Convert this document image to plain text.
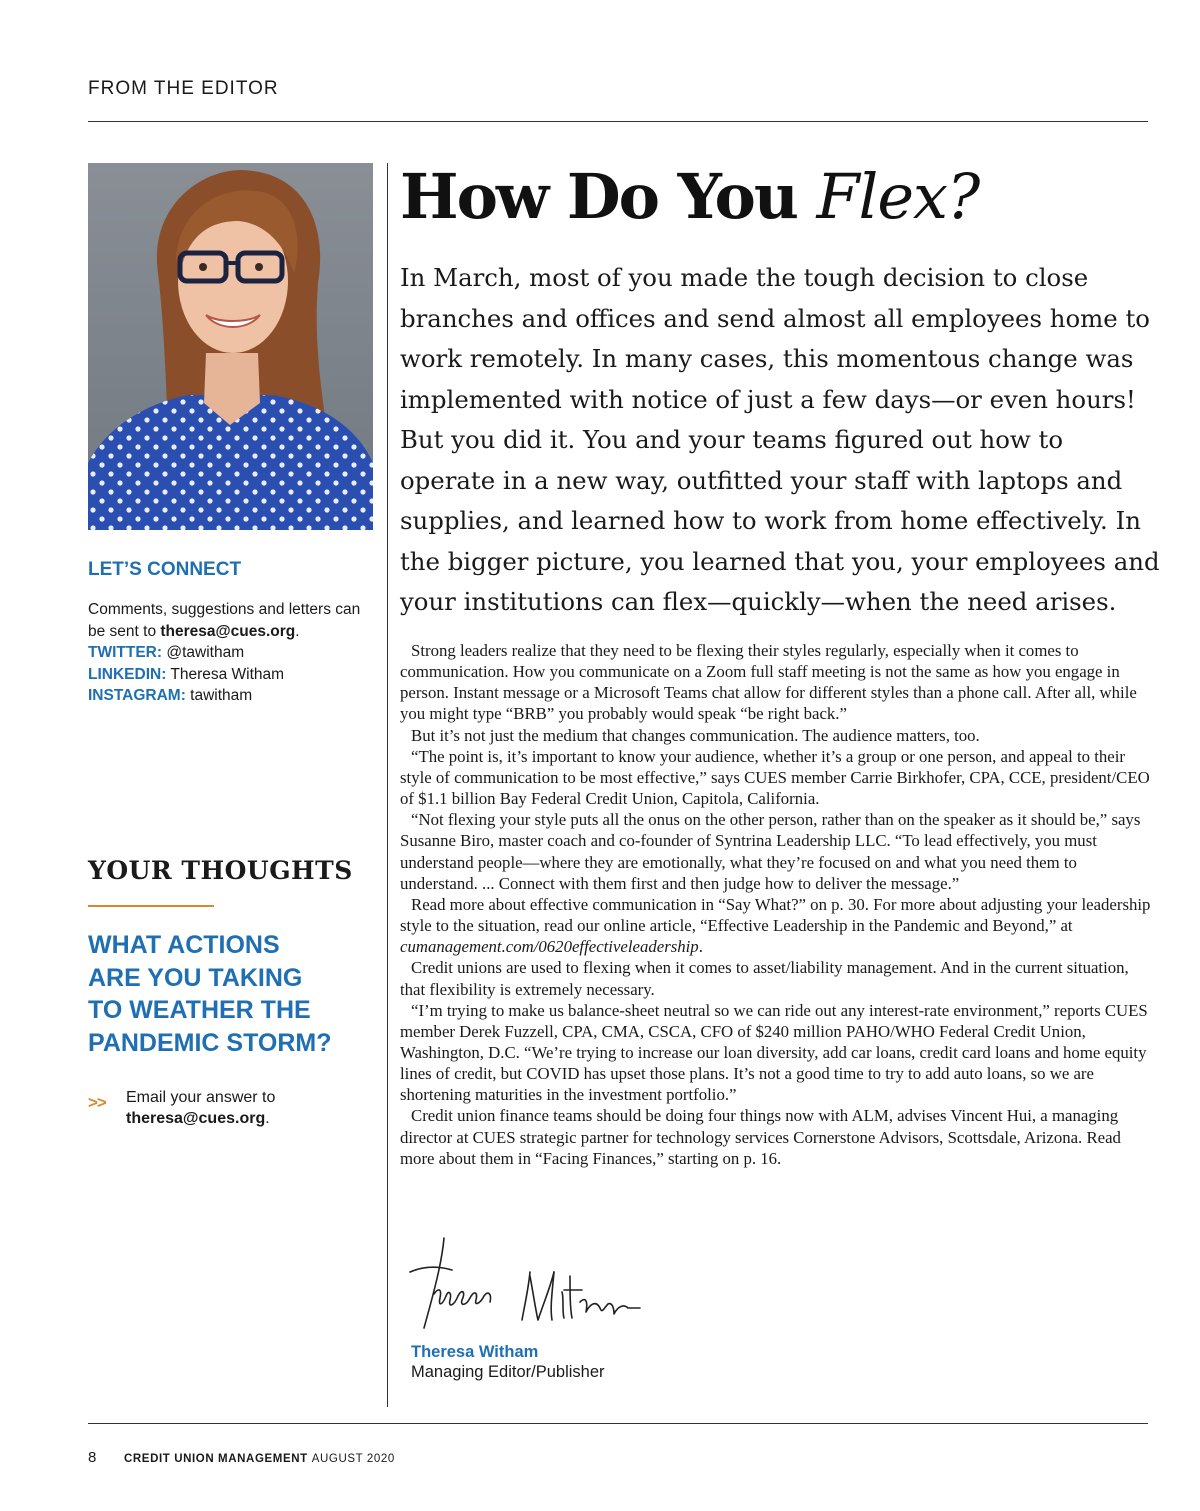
FROM THE EDITOR
LET’S CONNECT
Comments, suggestions and letters can be sent to theresa@cues.org.
TWITTER: @tawitham
LINKEDIN: Theresa Witham
INSTAGRAM: tawitham
YOUR THOUGHTS
WHAT ACTIONS
ARE YOU TAKING
TO WEATHER THE
PANDEMIC STORM?
>>	Email your answer to
theresa@cues.org.
How Do You Flex?
In March, most of you made the tough decision to close branches and offices and send almost all employees home to work remotely. In many cases, this momentous change was implemented with notice of just a few days—or even hours! But you did it. You and your teams figured out how to operate in a new way, outfitted your staff with laptops and supplies, and learned how to work from home effectively. In the bigger picture, you learned that you, your employees and your institutions can flex—quickly—when the need arises.

Strong leaders realize that they need to be flexing their styles regularly, especially when it comes to communication. How you communicate on a Zoom full staff meeting is not the same as how you engage in person. Instant message or a Microsoft Teams chat allow for different styles than a phone call. After all, while you might type “BRB” you probably would speak “be right back.”

But it’s not just the medium that changes communication. The audience matters, too.

“The point is, it’s important to know your audience, whether it’s a group or one person, and appeal to their style of communication to be most effective,” says CUES member Carrie Birkhofer, CPA, CCE, president/CEO of $1.1 billion Bay Federal Credit Union, Capitola, California.

“Not flexing your style puts all the onus on the other person, rather than on the speaker as it should be,” says Susanne Biro, master coach and co-founder of Syntrina Leadership LLC. “To lead effectively, you must understand people—where they are emotionally, what they’re focused on and what you need them to understand. ... Connect with them first and then judge how to deliver the message.”

Read more about effective communication in “Say What?” on p. 30. For more about adjusting your leadership style to the situation, read our online article, “Effective Leadership in the Pandemic and Beyond,” at cumanagement.com/0620effectiveleadership.

Credit unions are used to flexing when it comes to asset/liability management. And in the current situation, that flexibility is extremely necessary.

“I’m trying to make us balance-sheet neutral so we can ride out any interest-rate environment,” reports CUES member Derek Fuzzell, CPA, CMA, CSCA, CFO of $240 million PAHO/WHO Federal Credit Union, Washington, D.C. “We’re trying to increase our loan diversity, add car loans, credit card loans and home equity lines of credit, but COVID has upset those plans. It’s not a good time to try to add auto loans, so we are shortening maturities in the investment portfolio.”

Credit union finance teams should be doing four things now with ALM, advises Vincent Hui, a managing director at CUES strategic partner for technology services Cornerstone Advisors, Scottsdale, Arizona. Read more about them in “Facing Finances,” starting on p. 16.

Theresa Witham
Managing Editor/Publisher
8	CREDIT UNION MANAGEMENT AUGUST 2020
